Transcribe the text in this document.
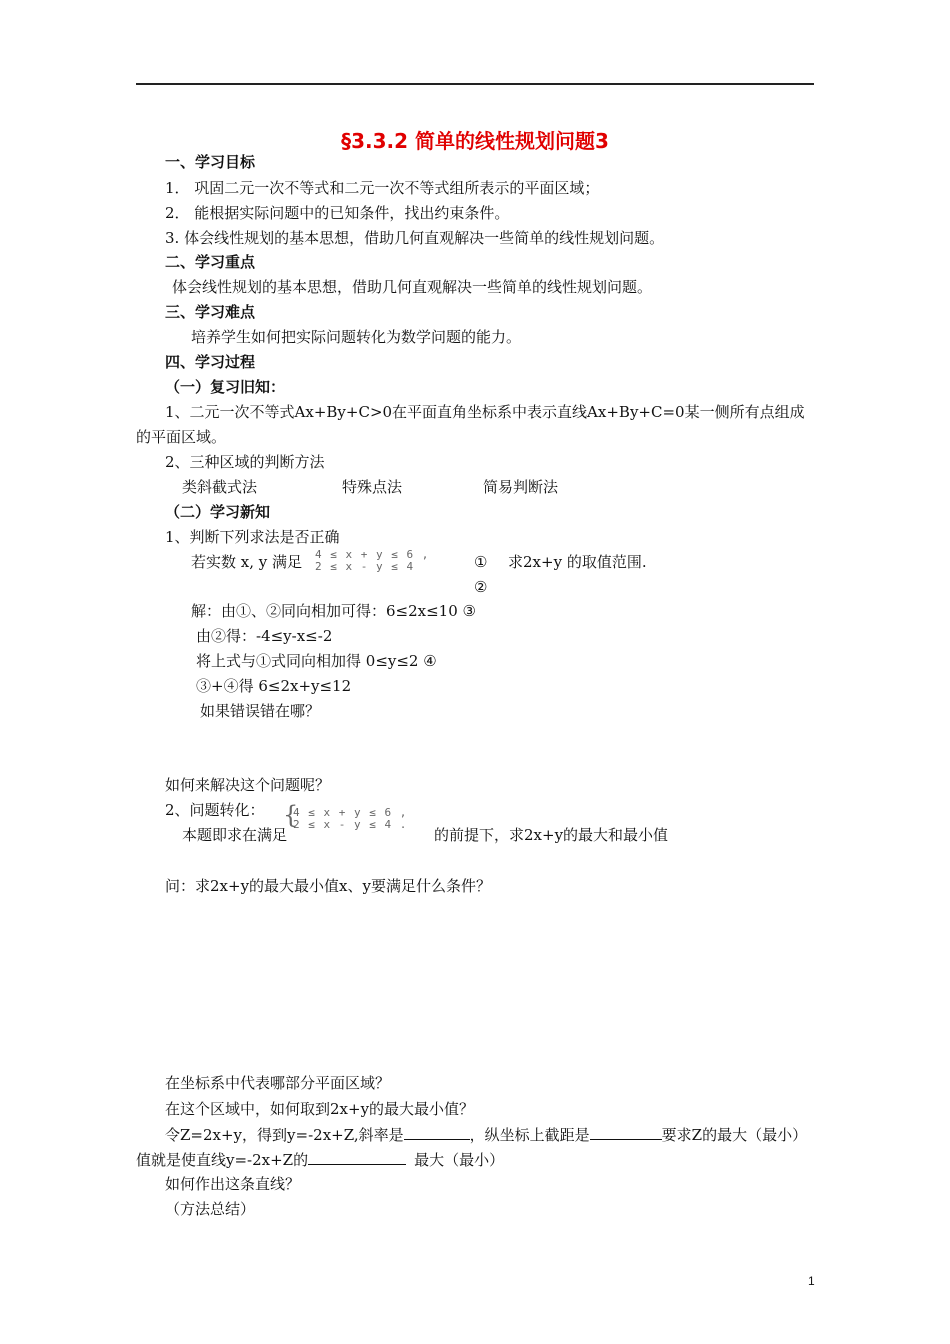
§3.3.2 简单的线性规划问题3
一、学习目标
1． 巩固二元一次不等式和二元一次不等式组所表示的平面区域；
2． 能根据实际问题中的已知条件，找出约束条件。
3. 体会线性规划的基本思想，借助几何直观解决一些简单的线性规划问题。
二、学习重点
体会线性规划的基本思想，借助几何直观解决一些简单的线性规划问题。
三、学习难点
培养学生如何把实际问题转化为数学问题的能力。
四、学习过程
（一）复习旧知：
1、二元一次不等式Ax+By+C>0在平面直角坐标系中表示直线Ax+By+C=0某一侧所有点组成
的平面区域。
2、三种区域的判断方法
类斜截式法	特殊点法	简易判断法
（二）学习新知
1、判断下列求法是否正确
若实数 x, y 满足 4 ≤ x + y ≤ 6 ,
2 ≤ x - y ≤ 4	① 求2x+y 的取值范围.
②
解：由①、②同向相加可得：6≤2x≤10 ③
由②得：-4≤y-x≤-2
将上式与①式同向相加得 0≤y≤2 ④
③+④得 6≤2x+y≤12
如果错误错在哪？
如何来解决这个问题呢？
2、问题转化：
本题即求在满足
{
4 ≤ x + y ≤ 6 ,
2 ≤ x - y ≤ 4 .
的前提下，求2x+y的最大和最小值
问：求2x+y的最大最小值x、y要满足什么条件？
在坐标系中代表哪部分平面区域？
在这个区域中，如何取到2x+y的最大最小值？
令Z=2x+y，得到y=-2x+Z,斜率是	，纵坐标上截距是	要求Z的最大（最小）
值就是使直线y=-2x+Z的	最大（最小）
如何作出这条直线？
（方法总结）
1
